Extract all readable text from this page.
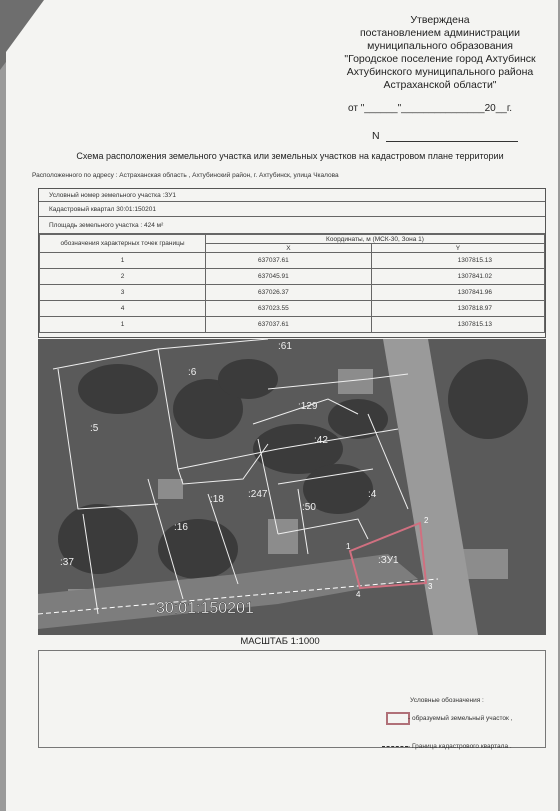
Утверждена
постановлением администрации
муниципального образования
"Городское поселение город Ахтубинск
Ахтубинского муниципального района
Астраханской области"
от "______"_______________20__г.
N
Схема расположения земельного участка или земельных участков на кадастровом плане территории
Расположенного по адресу : Астраханская область , Ахтубинский район, г. Ахтубинск, улица Чкалова
Условный номер земельного участка :ЗУ1
Кадастровый квартал 30:01:150201
Площадь земельного участка : 424 м²
обозначения характерных точек границы	Координаты, м (МСК-30, Зона 1)	
	X	Y
1	637037.61	1307815.13
2	637045.91	1307841.02
3	637026.37	1307841.96
4	637023.55	1307818.97
1	637037.61	1307815.13
:61
:6
:129
:5
:42
:18 :247	:4
:50
:16
:37	:ЗУ1
1
2
3
4
30:01:150201
МАСШТАБ 1:1000
Условные обозначения :
- образуемый земельный участок ,
- Граница кадастрового квартала .
